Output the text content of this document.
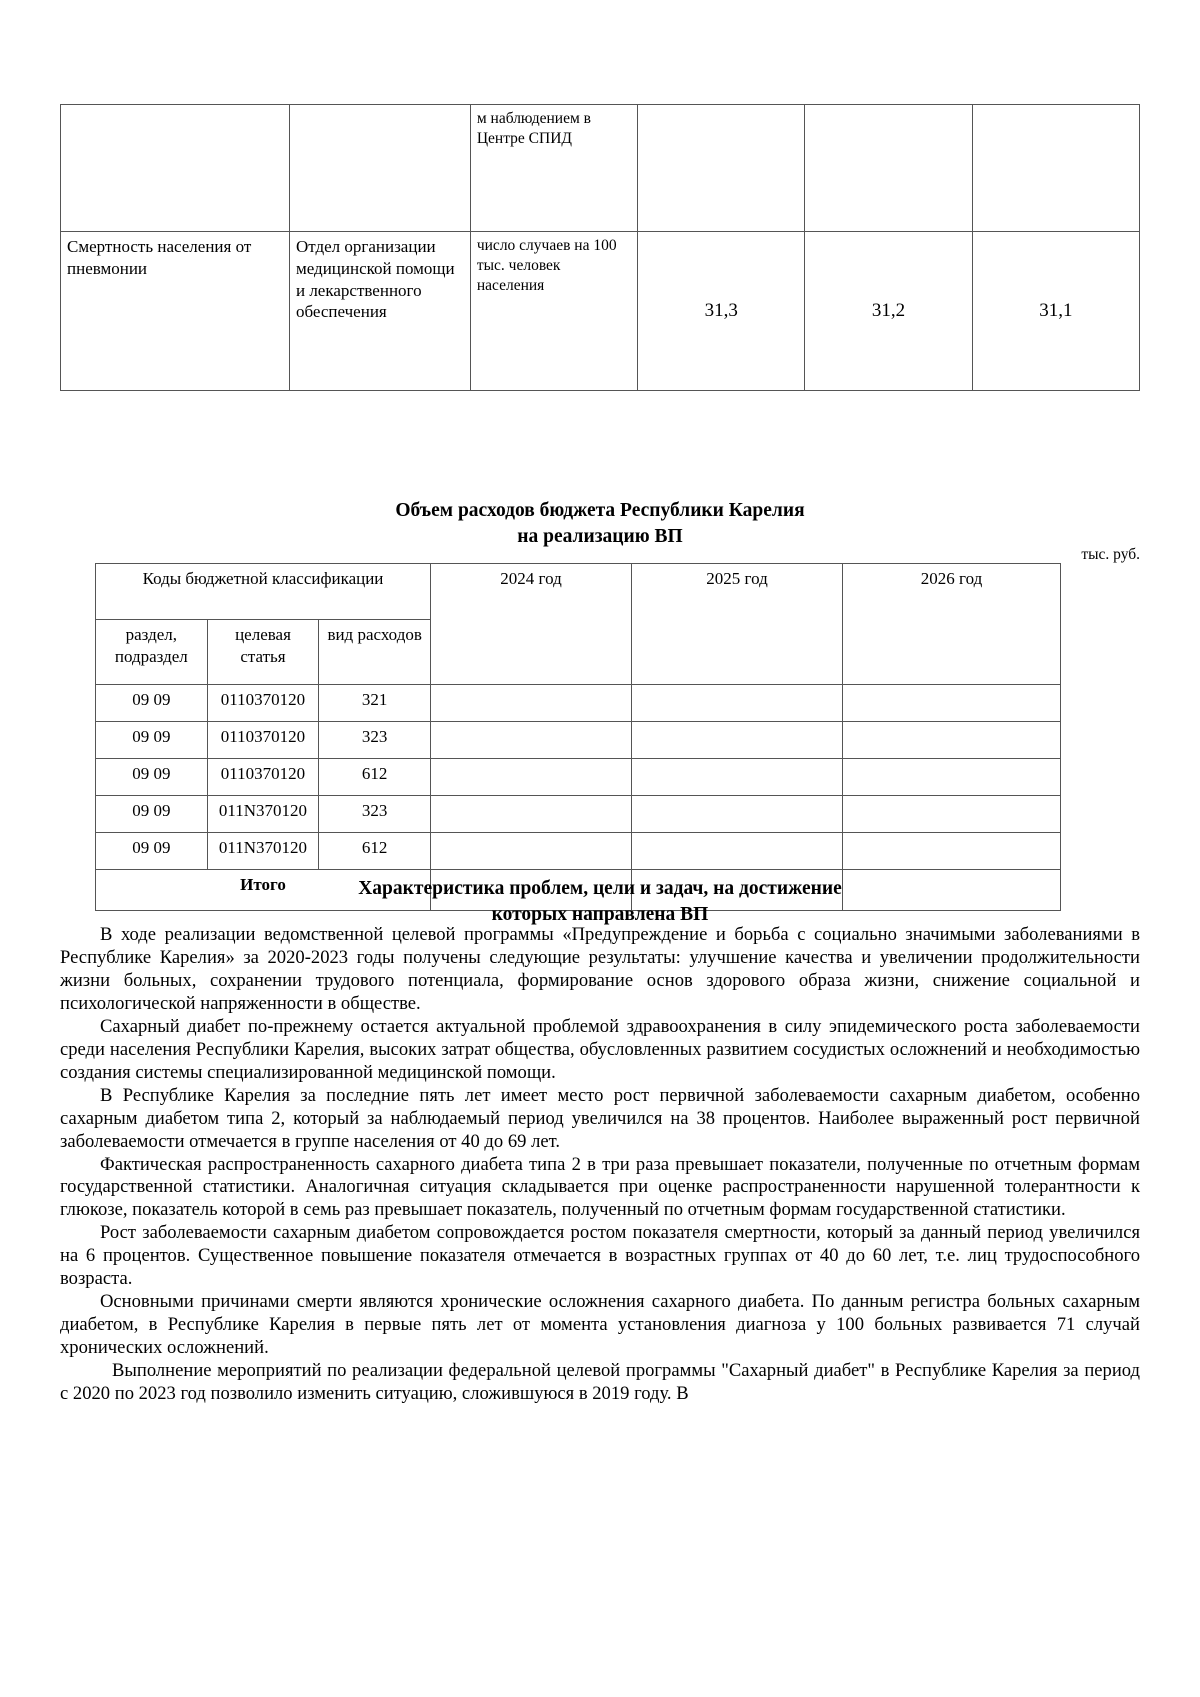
		м наблюдением в Центре СПИД			
Смертность населения от пневмонии	Отдел организации медицинской помощи и лекарственного обеспечения	число случаев на 100 тыс. человек населения	31,3	31,2	31,1
Объем расходов бюджета Республики Карелия
на реализацию ВП
тыс. руб.
Коды бюджетной классификации			2024 год	2025 год	2026 год
раздел, подраздел	целевая статья	вид расходов			
09 09	0110370120	321			
09 09	0110370120	323			
09 09	0110370120	612			
09 09	011N370120	323			
09 09	011N370120	612			
Итого						Характеристика проблем, цели и задач, на достижение
которых направлена ВП

В ходе реализации ведомственной целевой программы «Предупреждение и борьба с социально значимыми заболеваниями в Республике Карелия» за 2020-2023 годы получены следующие результаты: улучшение качества и увеличении продолжительности жизни больных, сохранении трудового потенциала, формирование основ здорового образа жизни, снижение социальной и психологической напряженности в обществе.

Сахарный диабет по-прежнему остается актуальной проблемой здравоохранения в силу эпидемического роста заболеваемости среди населения Республики Карелия, высоких затрат общества, обусловленных развитием сосудистых осложнений и необходимостью создания системы специализированной медицинской помощи.

В Республике Карелия за последние пять лет имеет место рост первичной заболеваемости сахарным диабетом, особенно сахарным диабетом типа 2, который за наблюдаемый период увеличился на 38 процентов. Наиболее выраженный рост первичной заболеваемости отмечается в группе населения от 40 до 69 лет.

Фактическая распространенность сахарного диабета типа 2 в три раза превышает показатели, полученные по отчетным формам государственной статистики. Аналогичная ситуация складывается при оценке распространенности нарушенной толерантности к глюкозе, показатель которой в семь раз превышает показатель, полученный по отчетным формам государственной статистики.

Рост заболеваемости сахарным диабетом сопровождается ростом показателя смертности, который за данный период увеличился на 6 процентов. Существенное повышение показателя отмечается в возрастных группах от 40 до 60 лет, т.е. лиц трудоспособного возраста.

Основными причинами смерти являются хронические осложнения сахарного диабета. По данным регистра больных сахарным диабетом, в Республике Карелия в первые пять лет от момента установления диагноза у 100 больных развивается 71 случай хронических осложнений.

Выполнение мероприятий по реализации федеральной целевой программы "Сахарный диабет" в Республике Карелия за период с 2020 по 2023 год позволило изменить ситуацию, сложившуюся в 2019 году. В
